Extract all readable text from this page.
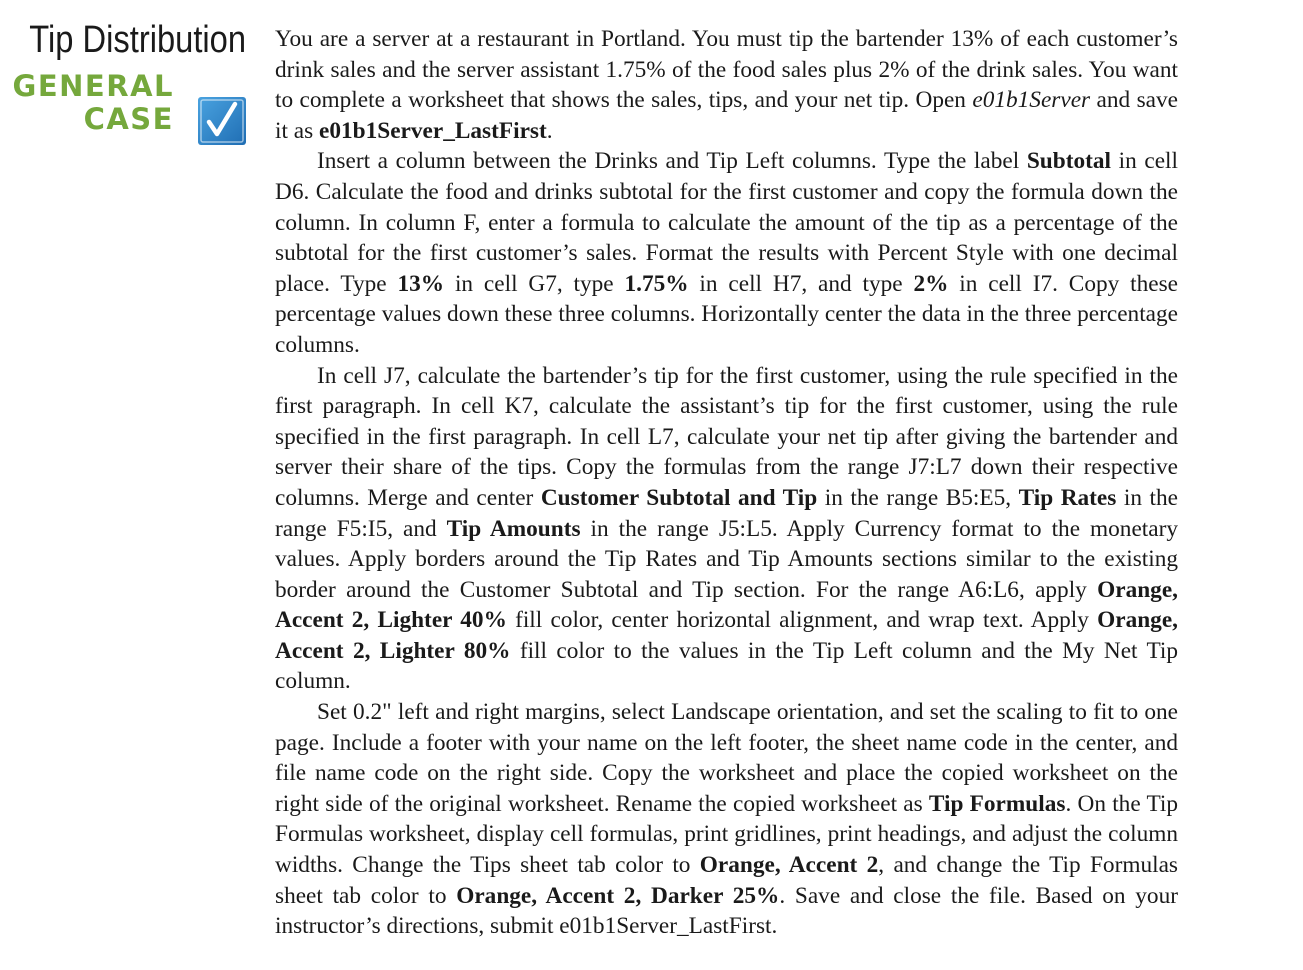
Tip Distribution
GENERAL
CASE

You are a server at a restaurant in Portland. You must tip the bartender 13% of each customer’s drink sales and the server assistant 1.75% of the food sales plus 2% of the drink sales. You want to complete a worksheet that shows the sales, tips, and your net tip. Open e01b1Server and save it as e01b1Server_LastFirst.

Insert a column between the Drinks and Tip Left columns. Type the label Subtotal in cell D6. Calculate the food and drinks subtotal for the first customer and copy the formula down the column. In column F, enter a formula to calculate the amount of the tip as a percentage of the subtotal for the first customer’s sales. Format the results with Percent Style with one decimal place. Type 13% in cell G7, type 1.75% in cell H7, and type 2% in cell I7. Copy these percentage values down these three columns. Horizontally center the data in the three percentage columns.

In cell J7, calculate the bartender’s tip for the first customer, using the rule specified in the first paragraph. In cell K7, calculate the assistant’s tip for the first customer, using the rule specified in the first paragraph. In cell L7, calculate your net tip after giving the bartender and server their share of the tips. Copy the formulas from the range J7:L7 down their respective columns. Merge and center Customer Subtotal and Tip in the range B5:E5, Tip Rates in the range F5:I5, and Tip Amounts in the range J5:L5. Apply Currency format to the monetary values. Apply borders around the Tip Rates and Tip Amounts sections similar to the existing border around the Customer Subtotal and Tip section. For the range A6:L6, apply Orange, Accent 2, Lighter 40% fill color, center horizontal alignment, and wrap text. Apply Orange, Accent 2, Lighter 80% fill color to the values in the Tip Left column and the My Net Tip column.

Set 0.2" left and right margins, select Landscape orientation, and set the scaling to fit to one page. Include a footer with your name on the left footer, the sheet name code in the center, and file name code on the right side. Copy the worksheet and place the copied worksheet on the right side of the original worksheet. Rename the copied worksheet as Tip Formulas. On the Tip Formulas worksheet, display cell formulas, print gridlines, print headings, and adjust the column widths. Change the Tips sheet tab color to Orange, Accent 2, and change the Tip Formulas sheet tab color to Orange, Accent 2, Darker 25%. Save and close the file. Based on your instructor’s directions, submit e01b1Server_LastFirst.
